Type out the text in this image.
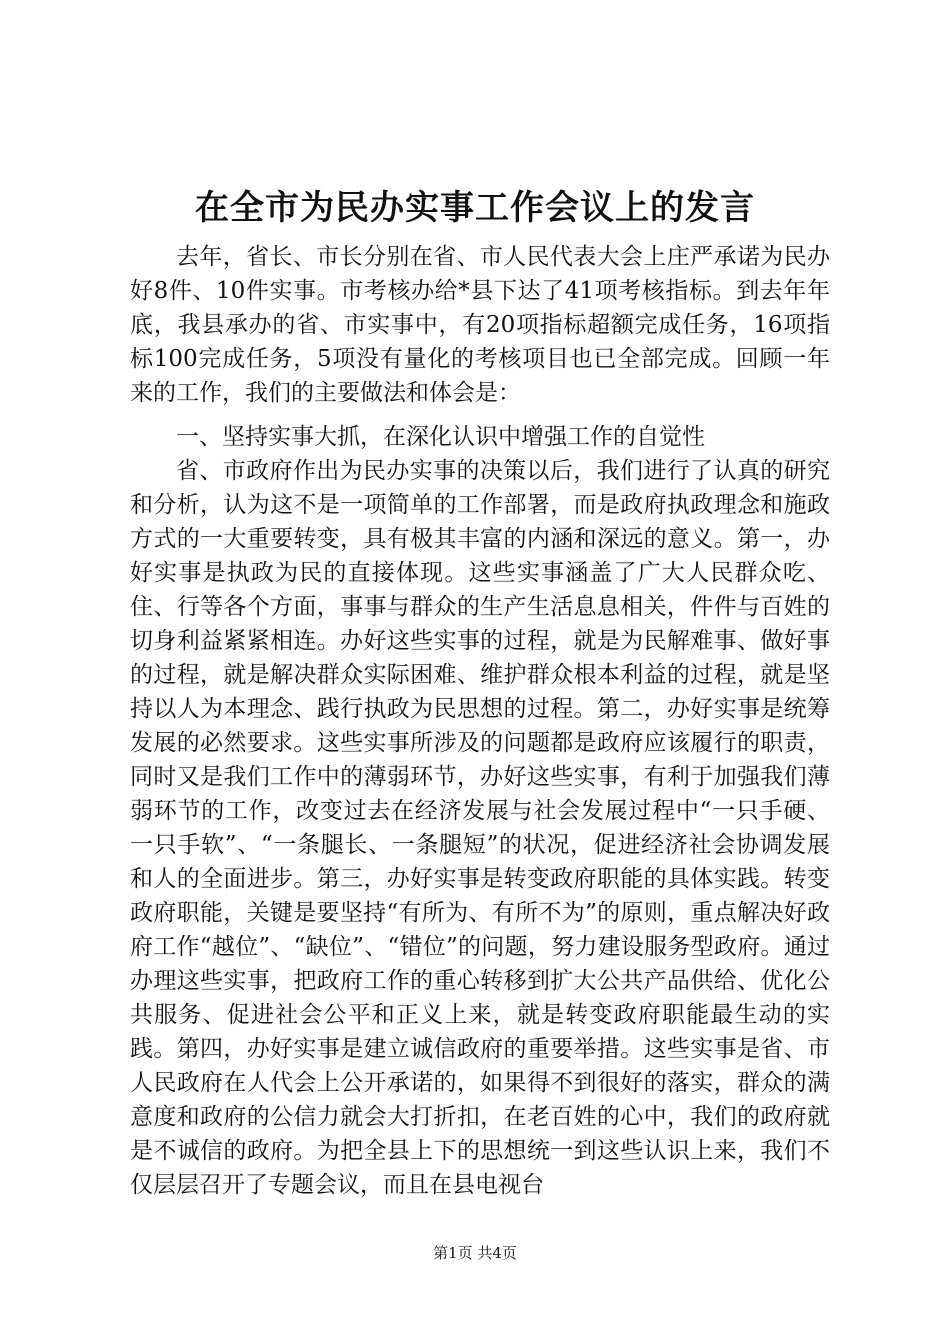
在全市为民办实事工作会议上的发言

去年，省长、市长分别在省、市人民代表大会上庄严承诺为民办好8件、10件实事。市考核办给*县下达了41项考核指标。到去年年底，我县承办的省、市实事中，有20项指标超额完成任务，16项指标100完成任务，5项没有量化的考核项目也已全部完成。回顾一年来的工作，我们的主要做法和体会是：

一、坚持实事大抓，在深化认识中增强工作的自觉性

省、市政府作出为民办实事的决策以后，我们进行了认真的研究和分析，认为这不是一项简单的工作部署，而是政府执政理念和施政方式的一大重要转变，具有极其丰富的内涵和深远的意义。第一，办好实事是执政为民的直接体现。这些实事涵盖了广大人民群众吃、住、行等各个方面，事事与群众的生产生活息息相关，件件与百姓的切身利益紧紧相连。办好这些实事的过程，就是为民解难事、做好事的过程，就是解决群众实际困难、维护群众根本利益的过程，就是坚持以人为本理念、践行执政为民思想的过程。第二，办好实事是统筹发展的必然要求。这些实事所涉及的问题都是政府应该履行的职责，同时又是我们工作中的薄弱环节，办好这些实事，有利于加强我们薄弱环节的工作，改变过去在经济发展与社会发展过程中“一只手硬、一只手软”、“一条腿长、一条腿短”的状况，促进经济社会协调发展和人的全面进步。第三，办好实事是转变政府职能的具体实践。转变政府职能，关键是要坚持“有所为、有所不为”的原则，重点解决好政府工作“越位”、“缺位”、“错位”的问题，努力建设服务型政府。通过办理这些实事，把政府工作的重心转移到扩大公共产品供给、优化公共服务、促进社会公平和正义上来，就是转变政府职能最生动的实践。第四，办好实事是建立诚信政府的重要举措。这些实事是省、市人民政府在人代会上公开承诺的，如果得不到很好的落实，群众的满意度和政府的公信力就会大打折扣，在老百姓的心中，我们的政府就是不诚信的政府。为把全县上下的思想统一到这些认识上来，我们不仅层层召开了专题会议，而且在县电视台

第1页 共4页
